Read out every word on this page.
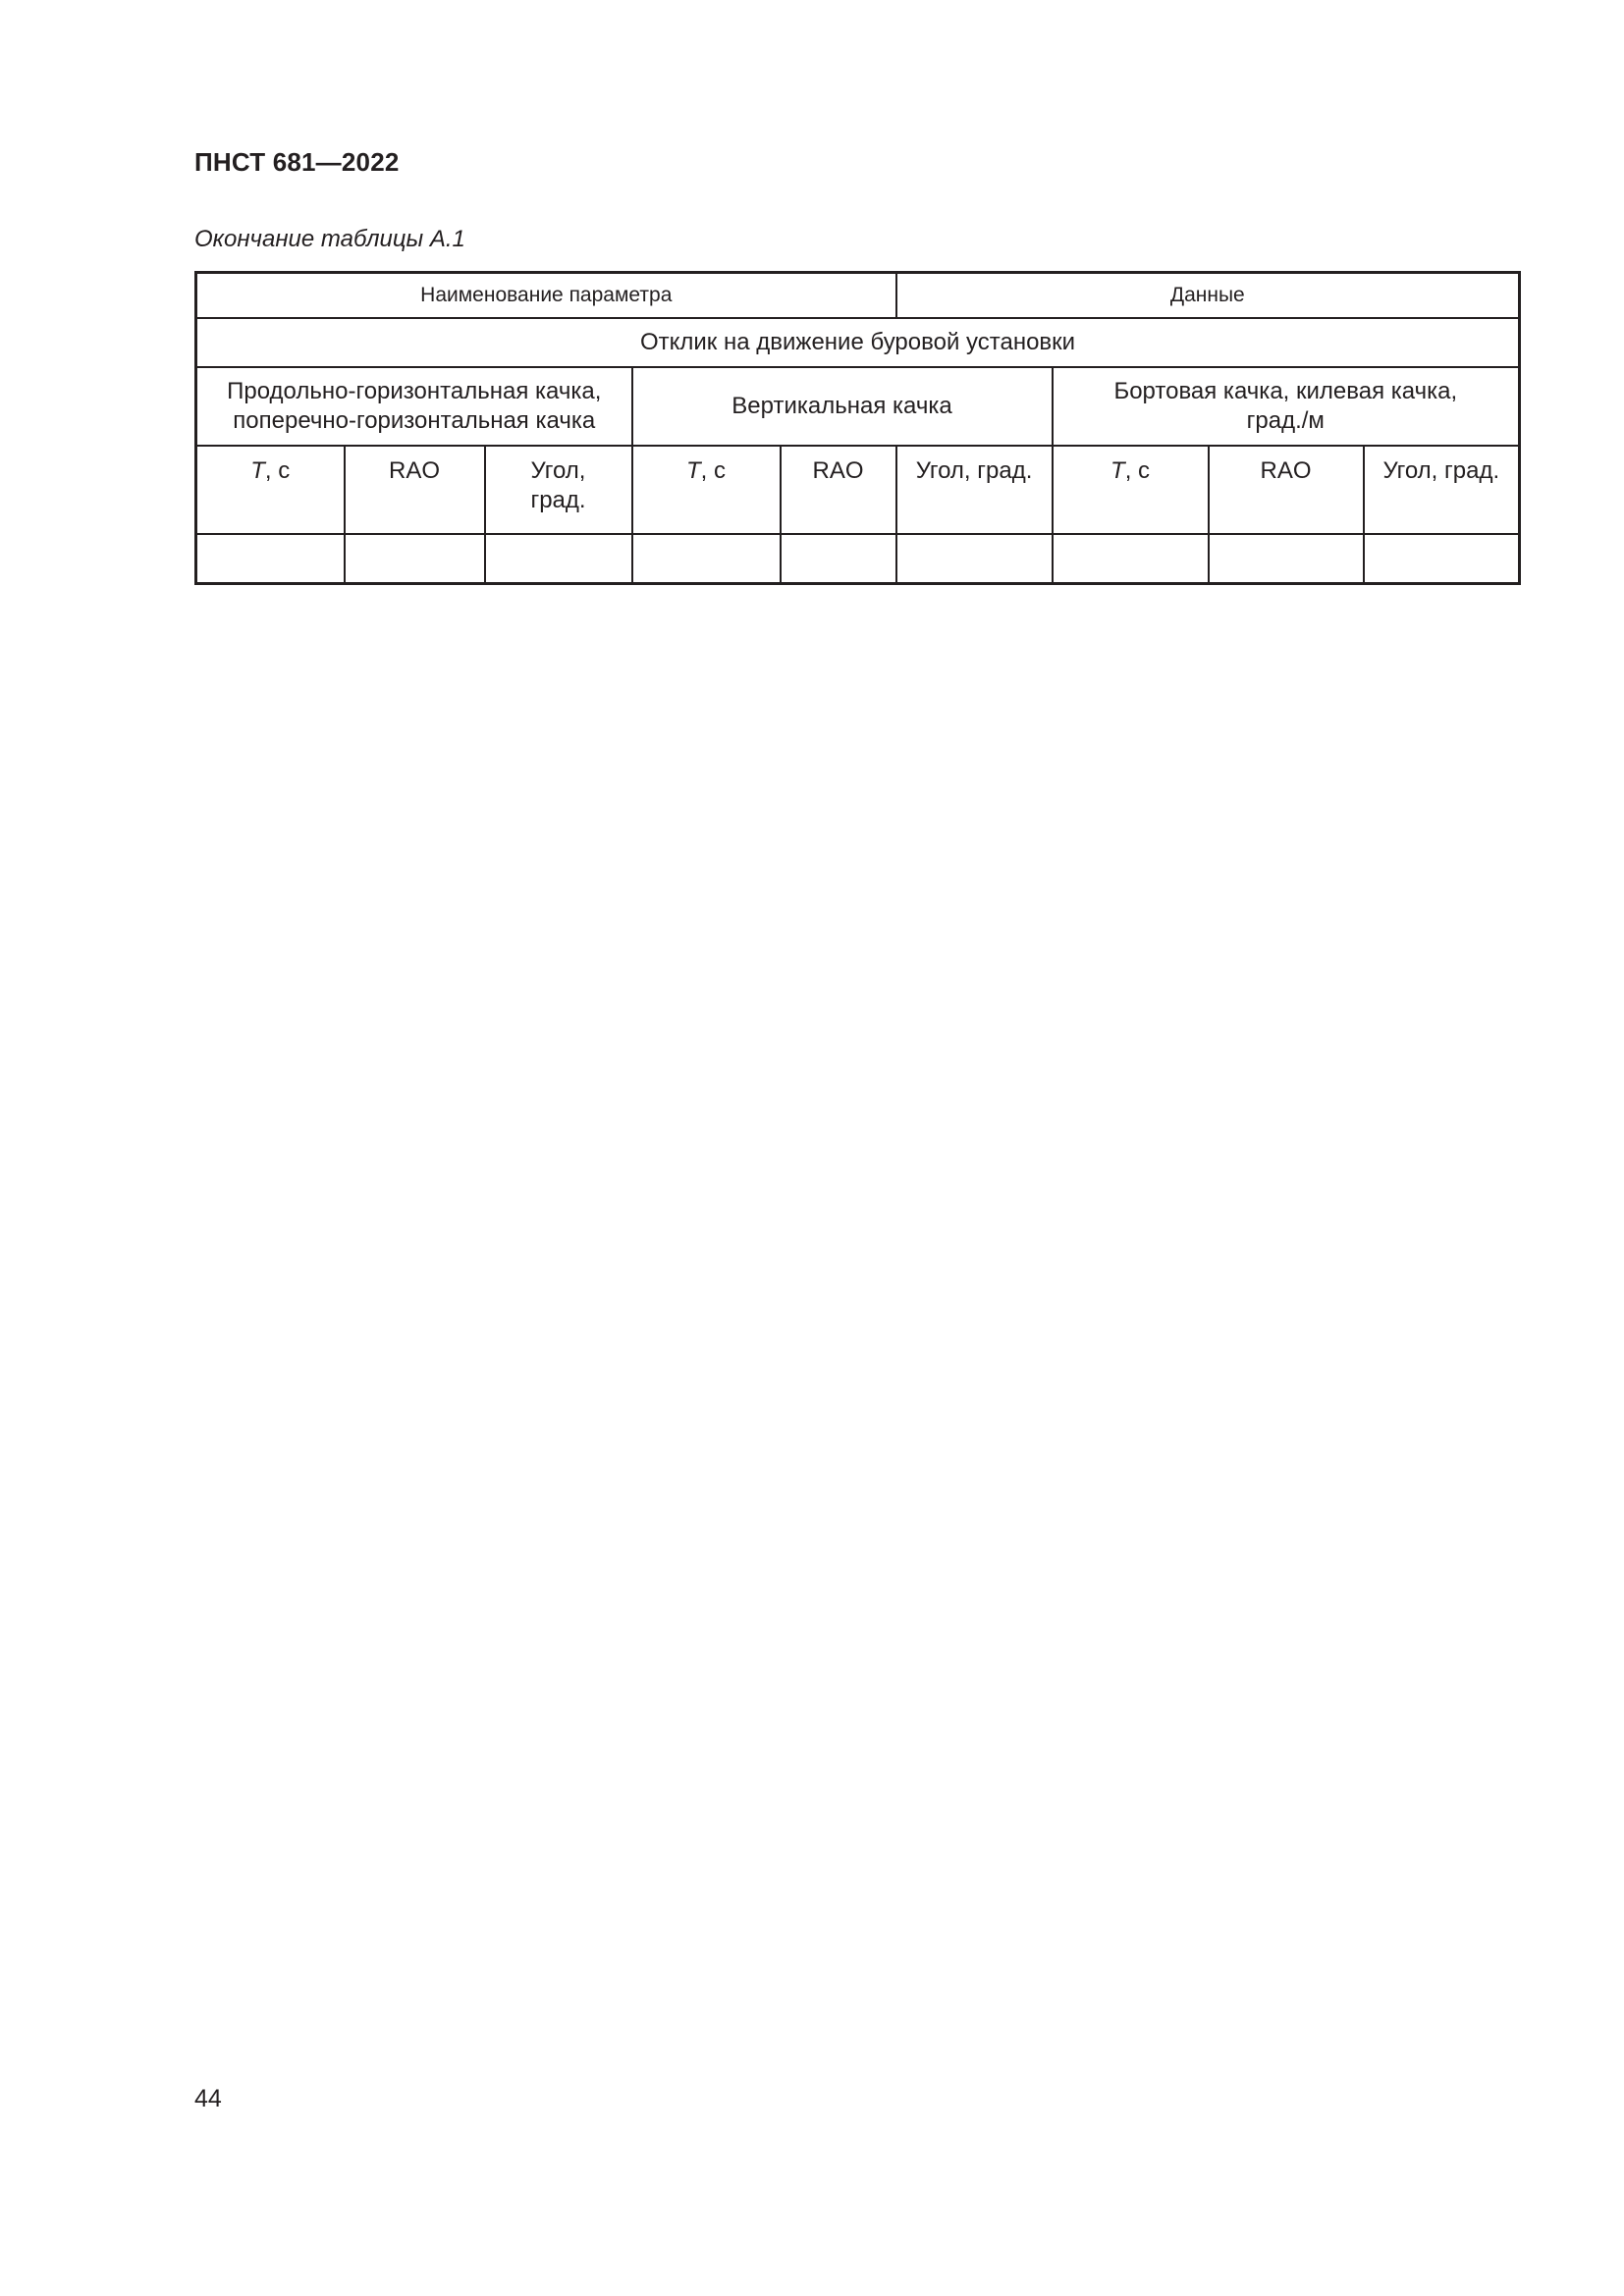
ПНСТ 681—2022
Окончание таблицы А.1
Наименование параметра					Данные			
Отклик на движение буровой установки								
Продольно-горизонтальная качка,
поперечно-горизонтальная качка			Вертикальная качка			Бортовая качка, килевая качка,
град./м		
T, с	RAO	Угол,
град.	T, с	RAO	Угол, град.	T, с	RAO	Угол, град.

44
